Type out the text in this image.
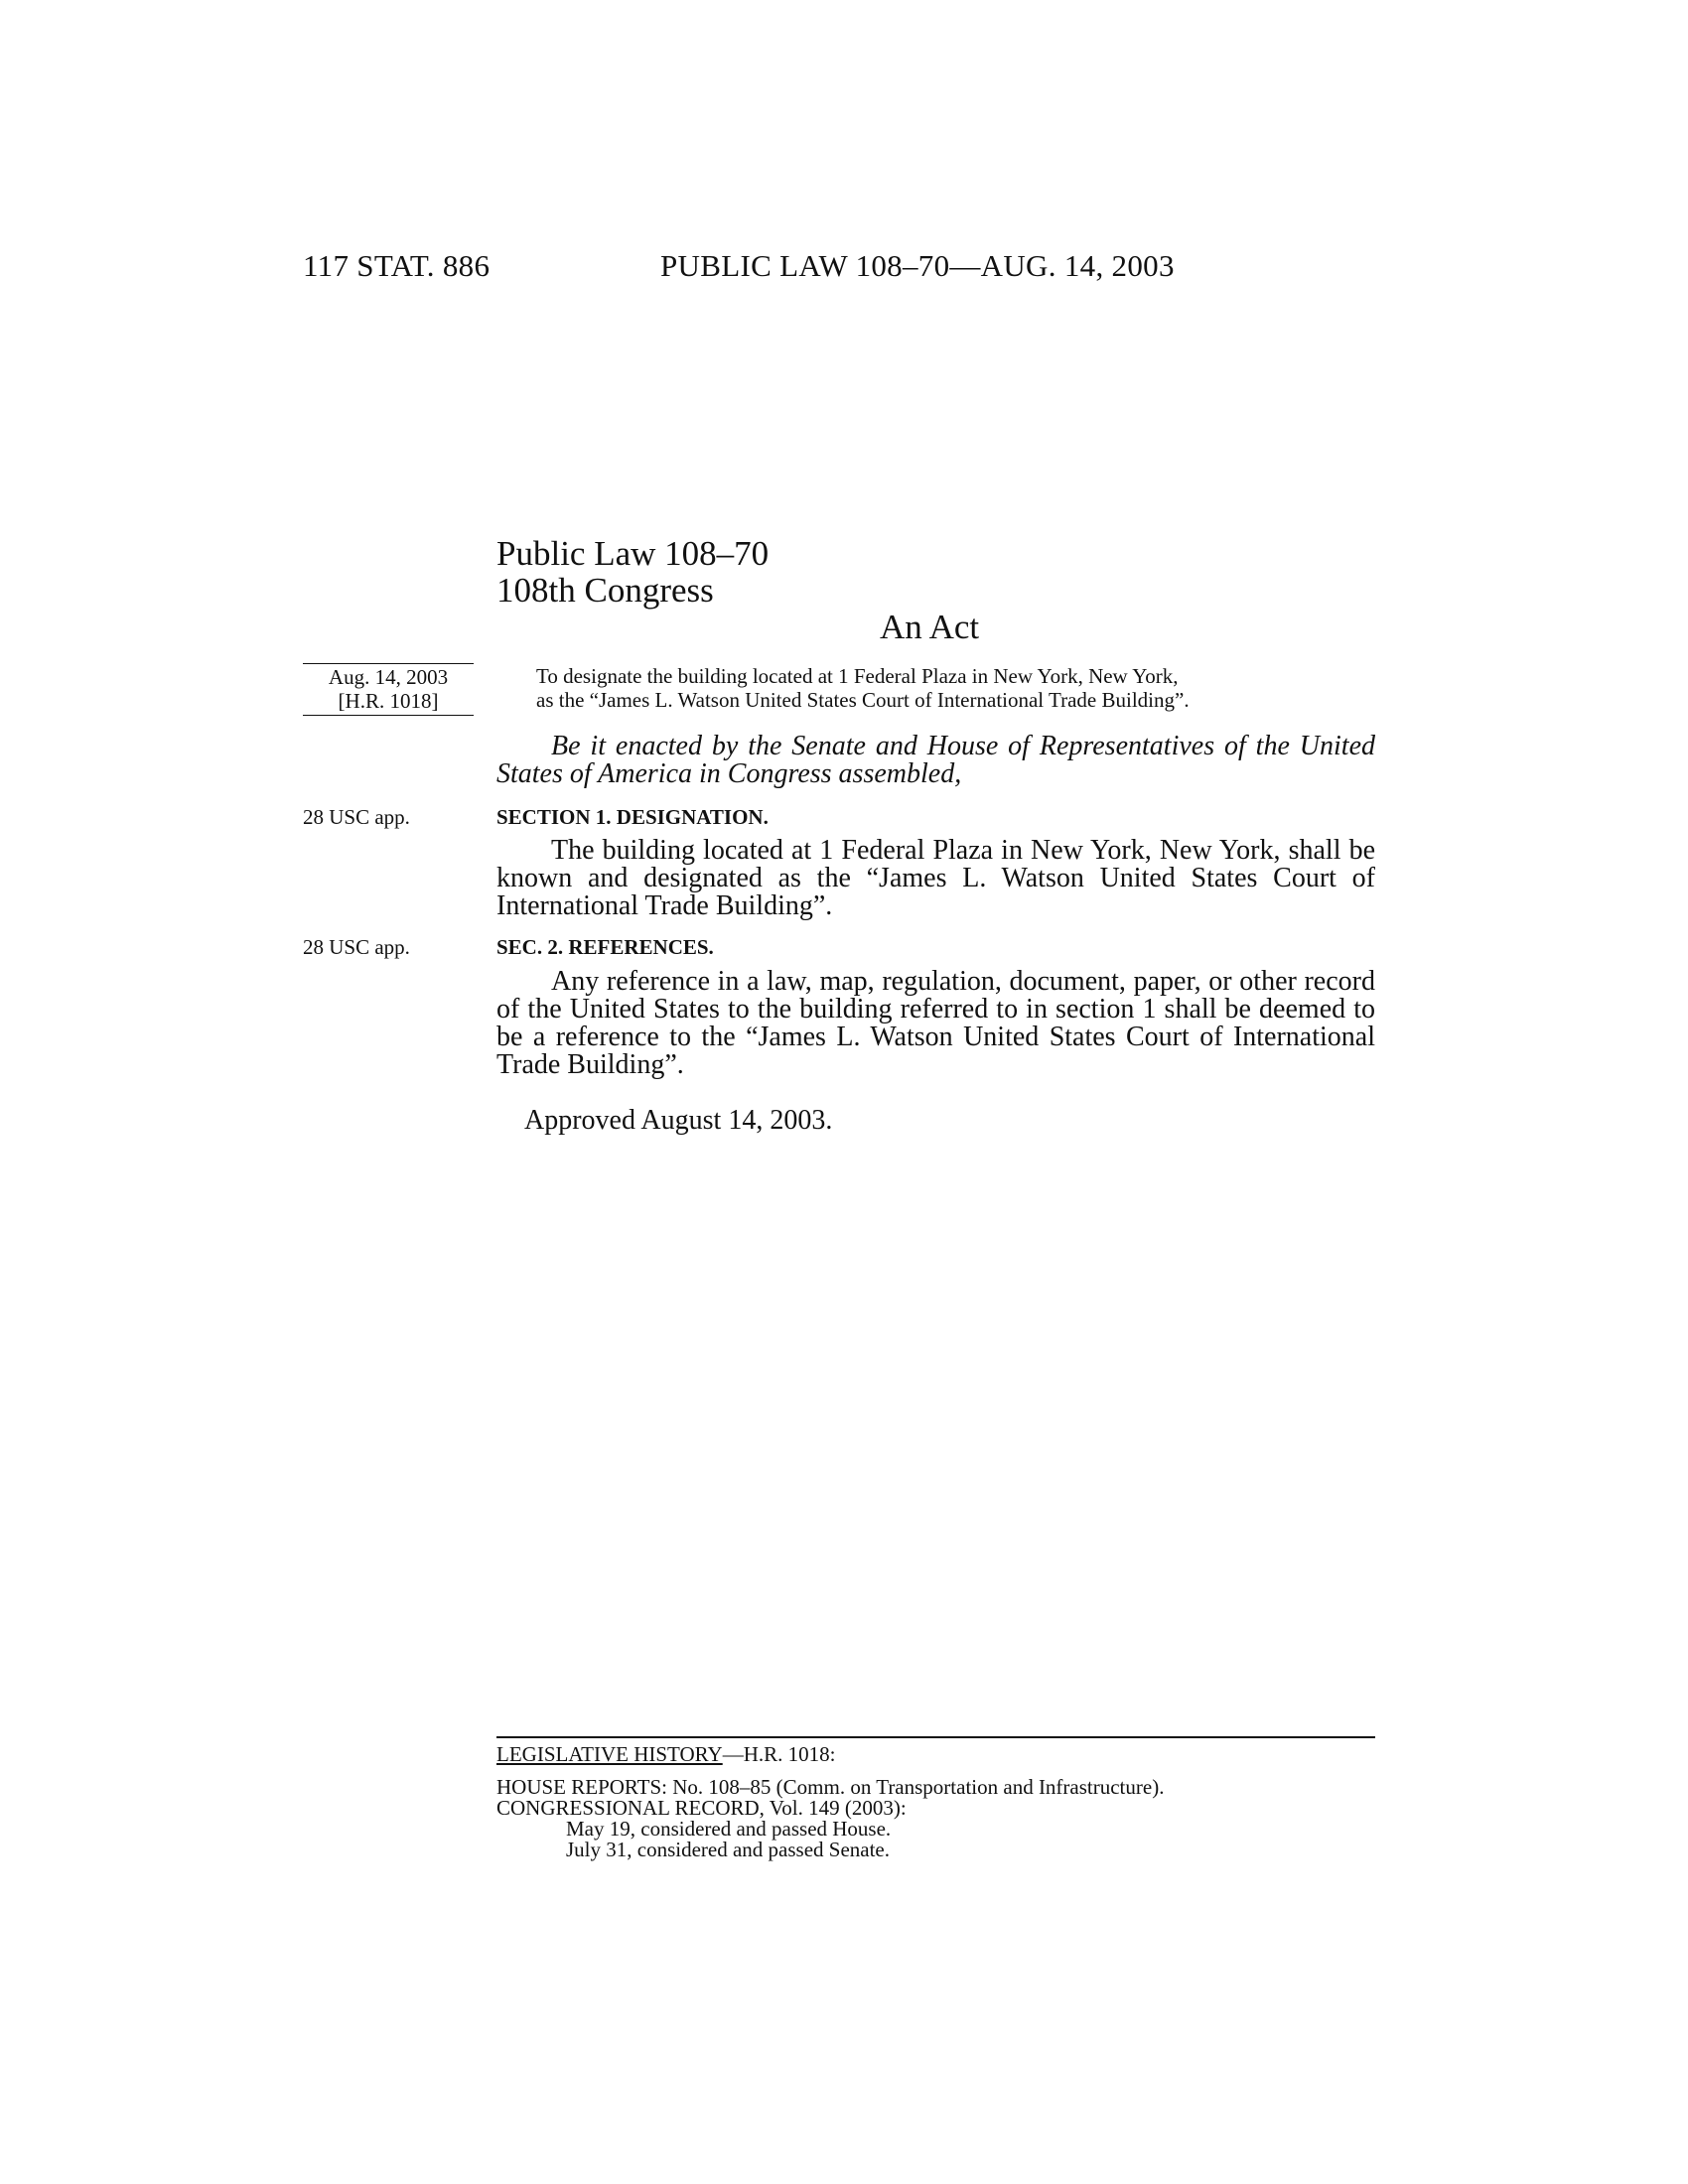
117 STAT. 886	PUBLIC LAW 108–70—AUG. 14, 2003
Public Law 108–70
108th Congress
An Act
Aug. 14, 2003
[H.R. 1018]
To designate the building located at 1 Federal Plaza in New York, New York,
as the “James L. Watson United States Court of International Trade Building”.
Be it enacted by the Senate and House of Representatives of the United States of America in Congress assembled,
28 USC app.	SECTION 1. DESIGNATION.
The building located at 1 Federal Plaza in New York, New York, shall be known and designated as the “James L. Watson United States Court of International Trade Building”.
28 USC app.	SEC. 2. REFERENCES.
Any reference in a law, map, regulation, document, paper, or other record of the United States to the building referred to in section 1 shall be deemed to be a reference to the “James L. Watson United States Court of International Trade Building”.
Approved August 14, 2003.
LEGISLATIVE HISTORY—H.R. 1018:
HOUSE REPORTS: No. 108–85 (Comm. on Transportation and Infrastructure).
CONGRESSIONAL RECORD, Vol. 149 (2003):
May 19, considered and passed House.
July 31, considered and passed Senate.
